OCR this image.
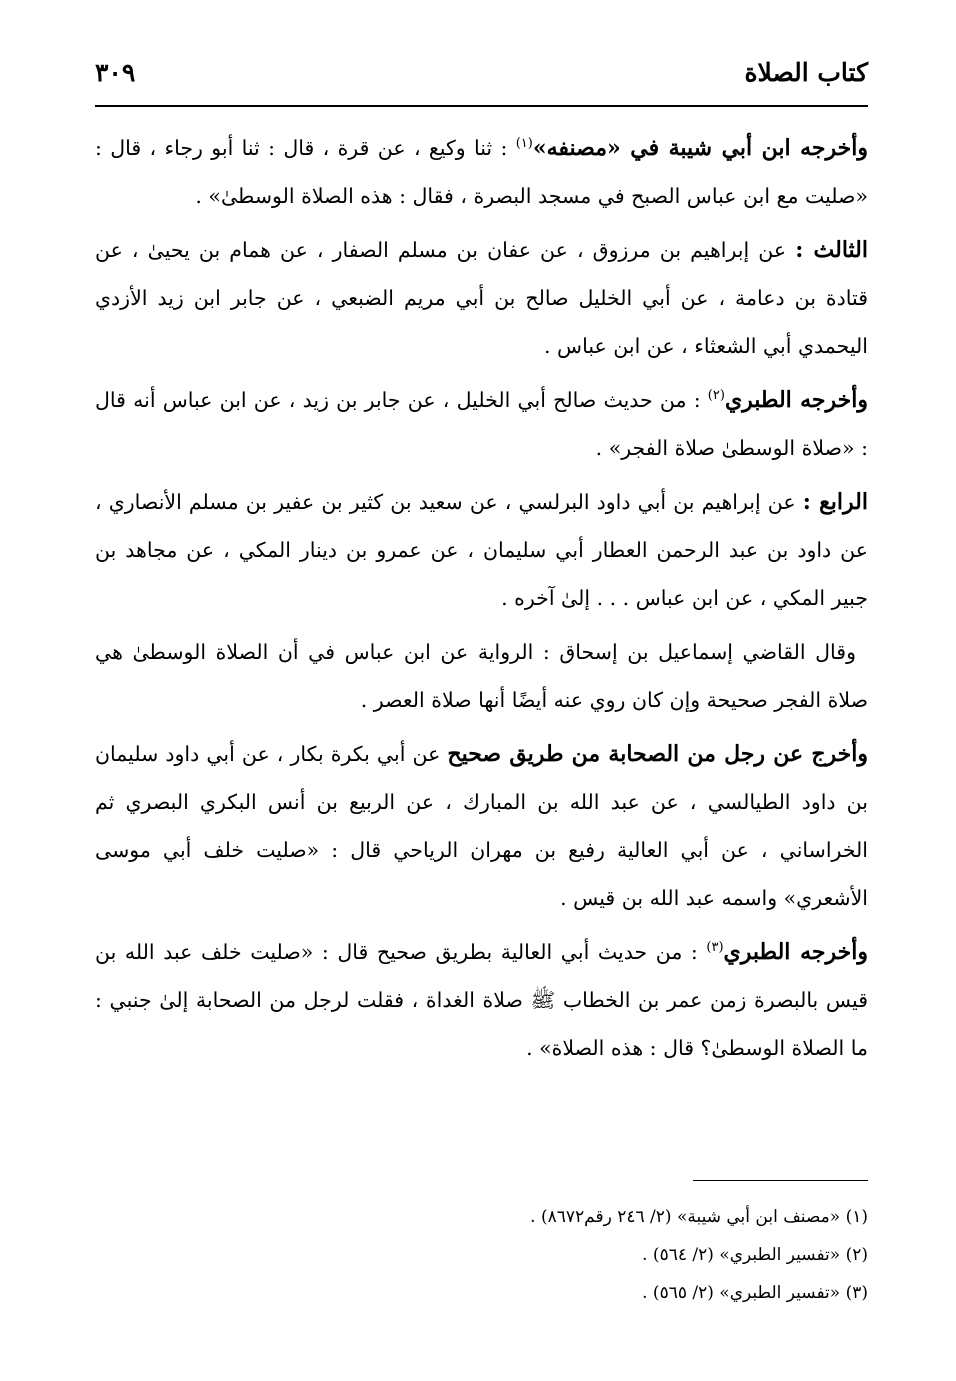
كتاب الصلاة
٣٠٩

وأخرجه ابن أبي شيبة في «مصنفه»$^{(١)}$ : ثنا وكيع ، عن قرة ، قال : ثنا أبو رجاء ، قال : «صليت مع ابن عباس الصبح في مسجد البصرة ، فقال : هذه الصلاة الوسطىٰ» .

الثالث : عن إبراهيم بن مرزوق ، عن عفان بن مسلم الصفار ، عن همام بن يحيىٰ ، عن قتادة بن دعامة ، عن أبي الخليل صالح بن أبي مريم الضبعي ، عن جابر ابن زيد الأزدي اليحمدي أبي الشعثاء ، عن ابن عباس .

وأخرجه الطبري$^{(٢)}$ : من حديث صالح أبي الخليل ، عن جابر بن زيد ، عن ابن عباس أنه قال : «صلاة الوسطىٰ صلاة الفجر» .

الرابع : عن إبراهيم بن أبي داود البرلسي ، عن سعيد بن كثير بن عفير بن مسلم الأنصاري ، عن داود بن عبد الرحمن العطار أبي سليمان ، عن عمرو بن دينار المكي ، عن مجاهد بن جبير المكي ، عن ابن عباس . . . إلىٰ آخره .

وقال القاضي إسماعيل بن إسحاق : الرواية عن ابن عباس في أن الصلاة الوسطىٰ هي صلاة الفجر صحيحة وإن كان روي عنه أيضًا أنها صلاة العصر .

وأخرج عن رجل من الصحابة من طريق صحيح عن أبي بكرة بكار ، عن أبي داود سليمان بن داود الطيالسي ، عن عبد الله بن المبارك ، عن الربيع بن أنس البكري البصري ثم الخراساني ، عن أبي العالية رفيع بن مهران الرياحي قال : «صليت خلف أبي موسى الأشعري» واسمه عبد الله بن قيس .

وأخرجه الطبري$^{(٣)}$ : من حديث أبي العالية بطريق صحيح قال : «صليت خلف عبد الله بن قيس بالبصرة زمن عمر بن الخطاب ﷺ صلاة الغداة ، فقلت لرجل من الصحابة إلىٰ جنبي : ما الصلاة الوسطىٰ؟ قال : هذه الصلاة» .

(١) «مصنف ابن أبي شيبة» (٢/ ٢٤٦ رقم٨٦٧٢) .

(٢) «تفسير الطبري» (٢/ ٥٦٤) .

(٣) «تفسير الطبري» (٢/ ٥٦٥) .
